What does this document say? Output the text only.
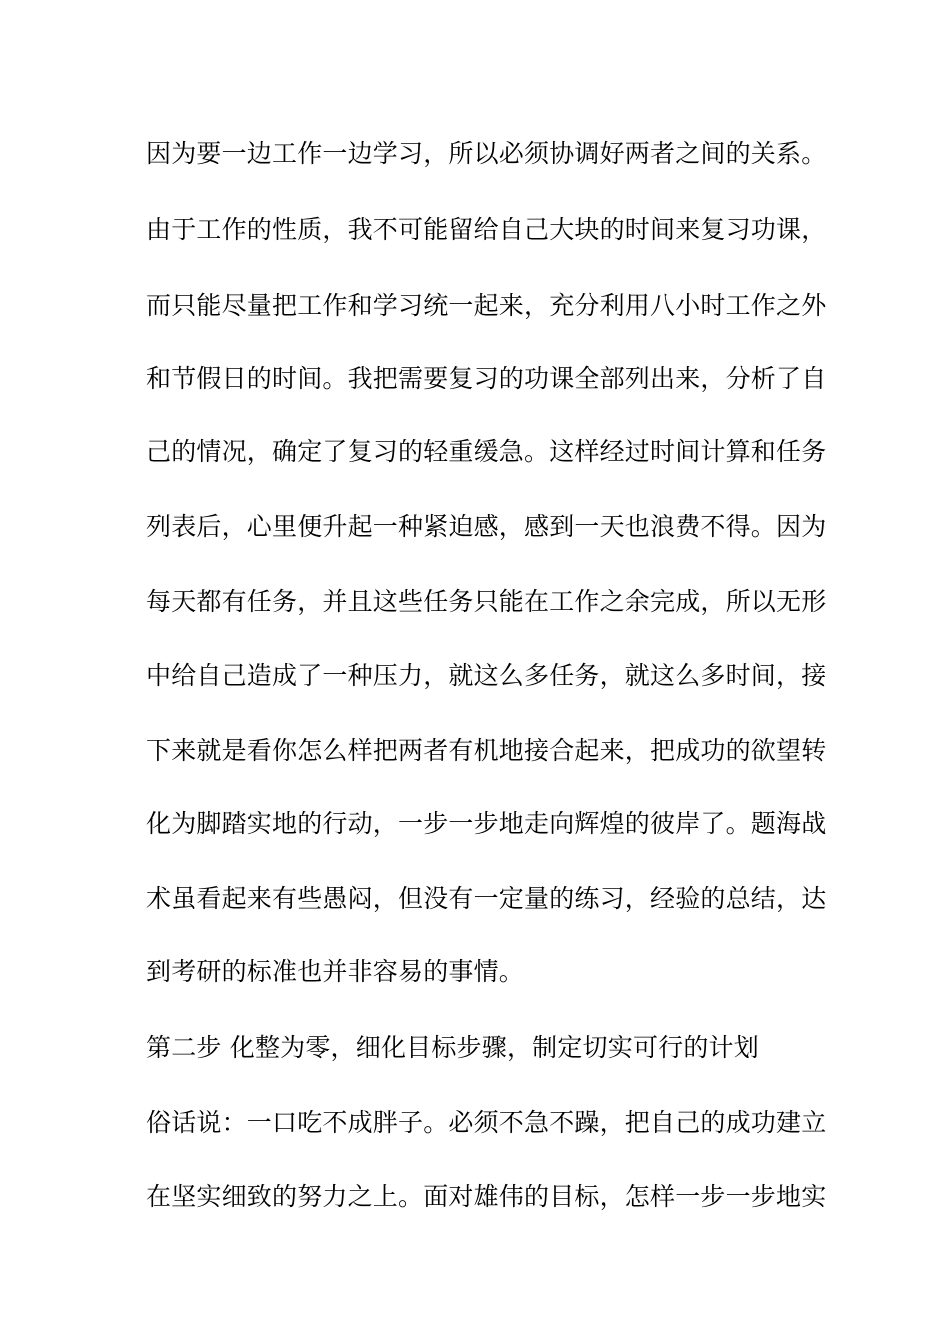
因为要一边工作一边学习，所以必须协调好两者之间的关系。
由于工作的性质，我不可能留给自己大块的时间来复习功课，
而只能尽量把工作和学习统一起来，充分利用八小时工作之外
和节假日的时间。我把需要复习的功课全部列出来，分析了自
己的情况，确定了复习的轻重缓急。这样经过时间计算和任务
列表后，心里便升起一种紧迫感，感到一天也浪费不得。因为
每天都有任务，并且这些任务只能在工作之余完成，所以无形
中给自己造成了一种压力，就这么多任务，就这么多时间，接
下来就是看你怎么样把两者有机地接合起来，把成功的欲望转
化为脚踏实地的行动，一步一步地走向辉煌的彼岸了。题海战
术虽看起来有些愚闷，但没有一定量的练习，经验的总结，达
到考研的标准也并非容易的事情。
第二步 化整为零，细化目标步骤，制定切实可行的计划
俗话说：一口吃不成胖子。必须不急不躁，把自己的成功建立
在坚实细致的努力之上。面对雄伟的目标，怎样一步一步地实
